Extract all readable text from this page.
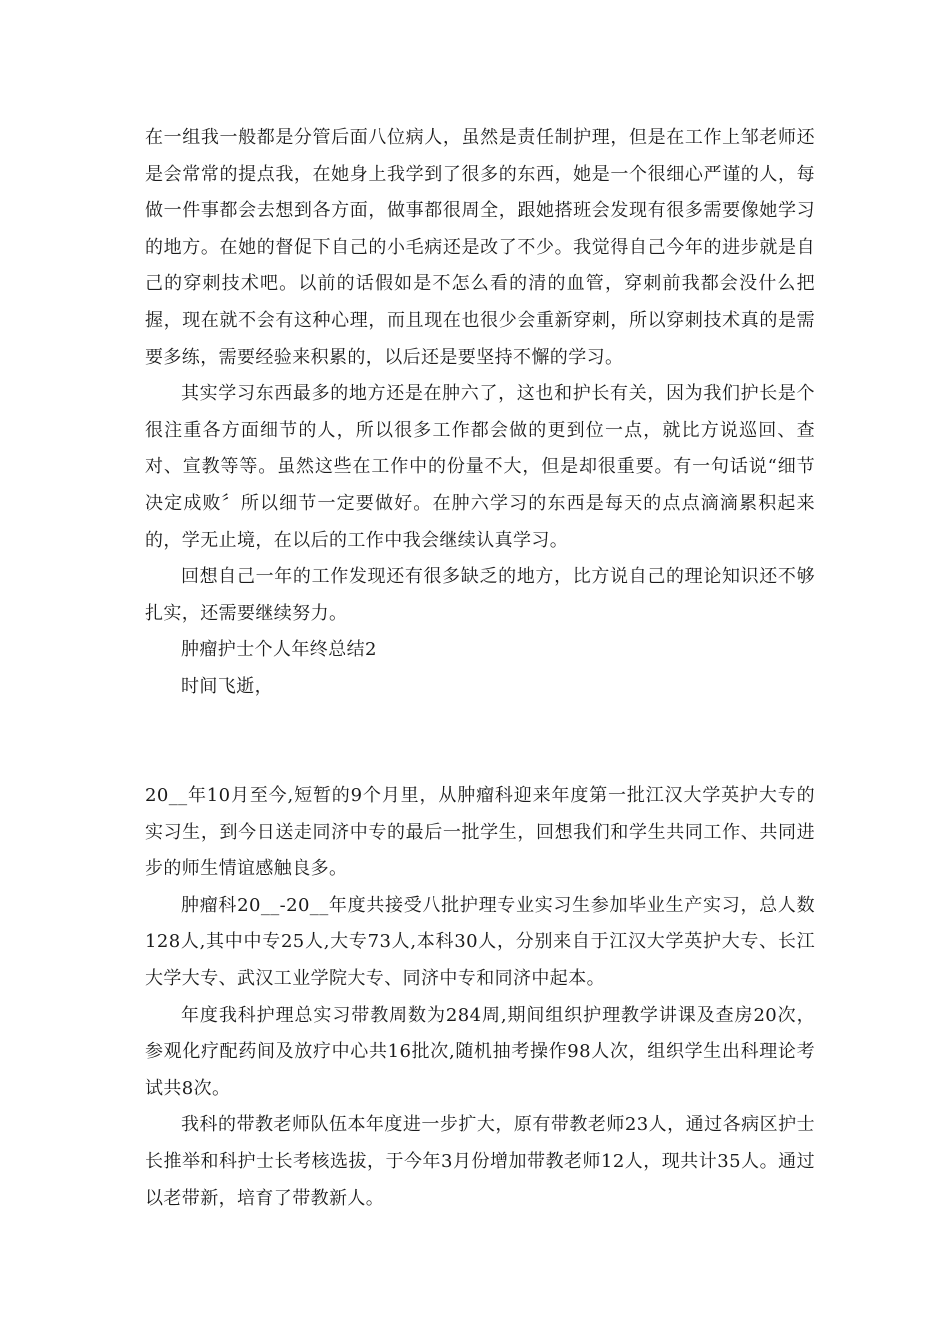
在一组我一般都是分管后面八位病人，虽然是责任制护理，但是在工作上邹老师还是会常常的提点我，在她身上我学到了很多的东西，她是一个很细心严谨的人，每做一件事都会去想到各方面，做事都很周全，跟她搭班会发现有很多需要像她学习的地方。在她的督促下自己的小毛病还是改了不少。我觉得自己今年的进步就是自己的穿刺技术吧。以前的话假如是不怎么看的清的血管，穿刺前我都会没什么把握，现在就不会有这种心理，而且现在也很少会重新穿刺，所以穿刺技术真的是需要多练，需要经验来积累的，以后还是要坚持不懈的学习。

其实学习东西最多的地方还是在肿六了，这也和护长有关，因为我们护长是个很注重各方面细节的人，所以很多工作都会做的更到位一点，就比方说巡回、查对、宣教等等。虽然这些在工作中的份量不大，但是却很重要。有一句话说“细节决定成败〞所以细节一定要做好。在肿六学习的东西是每天的点点滴滴累积起来的，学无止境，在以后的工作中我会继续认真学习。

回想自己一年的工作发现还有很多缺乏的地方，比方说自己的理论知识还不够扎实，还需要继续努力。

肿瘤护士个人年终总结2

时间飞逝，

20__年10月至今,短暂的9个月里，从肿瘤科迎来年度第一批江汉大学英护大专的实习生，到今日送走同济中专的最后一批学生，回想我们和学生共同工作、共同进步的师生情谊感触良多。

肿瘤科20__-20__年度共接受八批护理专业实习生参加毕业生产实习，总人数128人,其中中专25人,大专73人,本科30人，分别来自于江汉大学英护大专、长江大学大专、武汉工业学院大专、同济中专和同济中起本。

年度我科护理总实习带教周数为284周,期间组织护理教学讲课及查房20次，参观化疗配药间及放疗中心共16批次,随机抽考操作98人次，组织学生出科理论考试共8次。

我科的带教老师队伍本年度进一步扩大，原有带教老师23人，通过各病区护士长推举和科护士长考核选拔，于今年3月份增加带教老师12人，现共计35人。通过以老带新，培育了带教新人。
